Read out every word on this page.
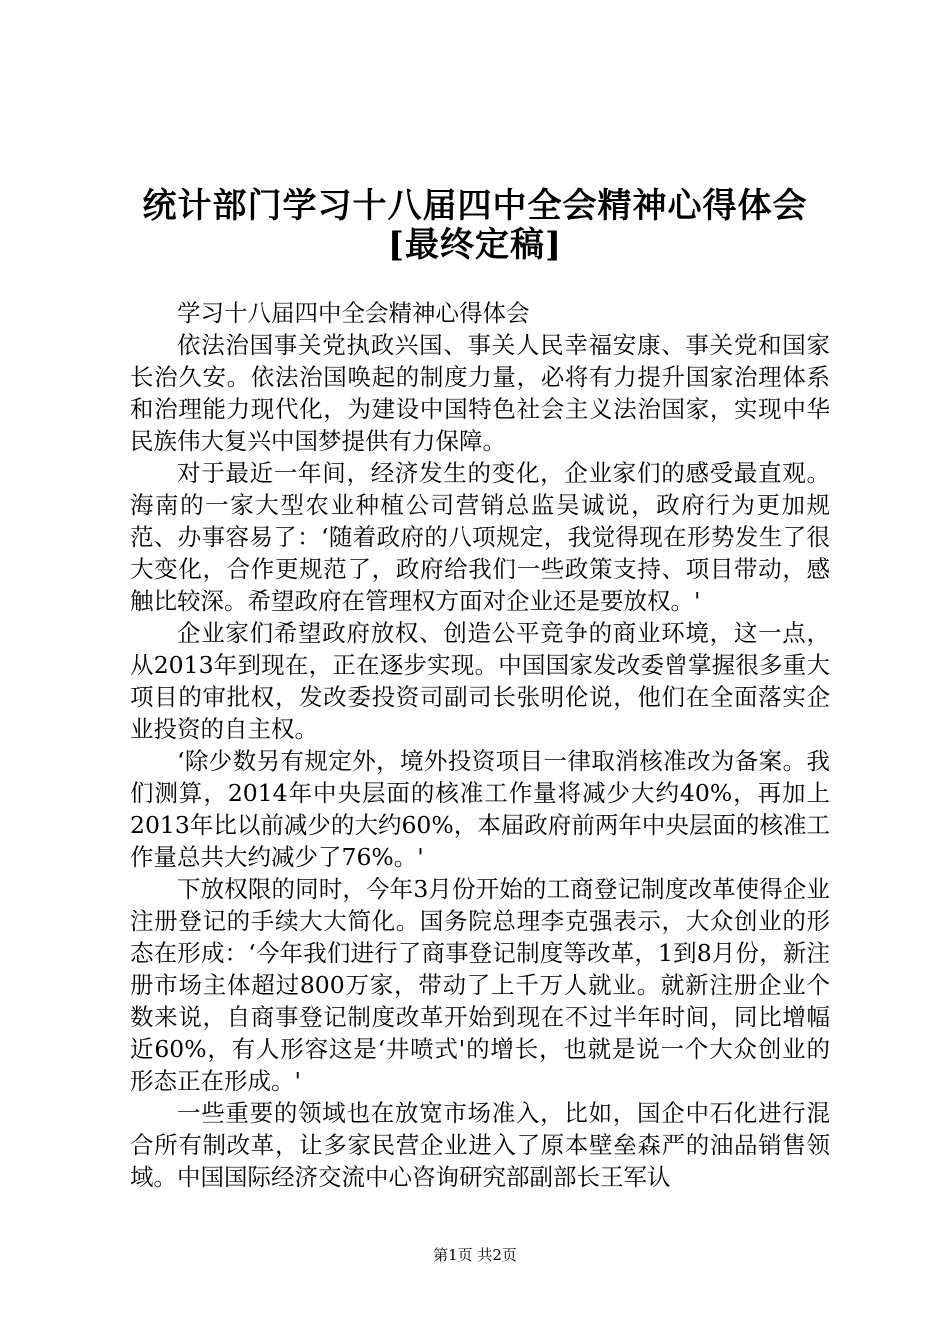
统计部门学习十八届四中全会精神心得体会
[最终定稿]

学习十八届四中全会精神心得体会

依法治国事关党执政兴国、事关人民幸福安康、事关党和国家长治久安。依法治国唤起的制度力量，必将有力提升国家治理体系和治理能力现代化，为建设中国特色社会主义法治国家，实现中华民族伟大复兴中国梦提供有力保障。

对于最近一年间，经济发生的变化，企业家们的感受最直观。海南的一家大型农业种植公司营销总监吴诚说，政府行为更加规范、办事容易了：‘随着政府的八项规定，我觉得现在形势发生了很大变化，合作更规范了，政府给我们一些政策支持、项目带动，感触比较深。希望政府在管理权方面对企业还是要放权。'

企业家们希望政府放权、创造公平竞争的商业环境，这一点，从2013年到现在，正在逐步实现。中国国家发改委曾掌握很多重大项目的审批权，发改委投资司副司长张明伦说，他们在全面落实企业投资的自主权。

‘除少数另有规定外，境外投资项目一律取消核准改为备案。我们测算，2014年中央层面的核准工作量将减少大约40%，再加上2013年比以前减少的大约60%，本届政府前两年中央层面的核准工作量总共大约减少了76%。'

下放权限的同时，今年3月份开始的工商登记制度改革使得企业注册登记的手续大大简化。国务院总理李克强表示，大众创业的形态在形成：‘今年我们进行了商事登记制度等改革，1到8月份，新注册市场主体超过800万家，带动了上千万人就业。就新注册企业个数来说，自商事登记制度改革开始到现在不过半年时间，同比增幅近60%，有人形容这是‘井喷式'的增长，也就是说一个大众创业的形态正在形成。'

一些重要的领域也在放宽市场准入，比如，国企中石化进行混合所有制改革，让多家民营企业进入了原本壁垒森严的油品销售领域。中国国际经济交流中心咨询研究部副部长王军认

第1页 共2页
